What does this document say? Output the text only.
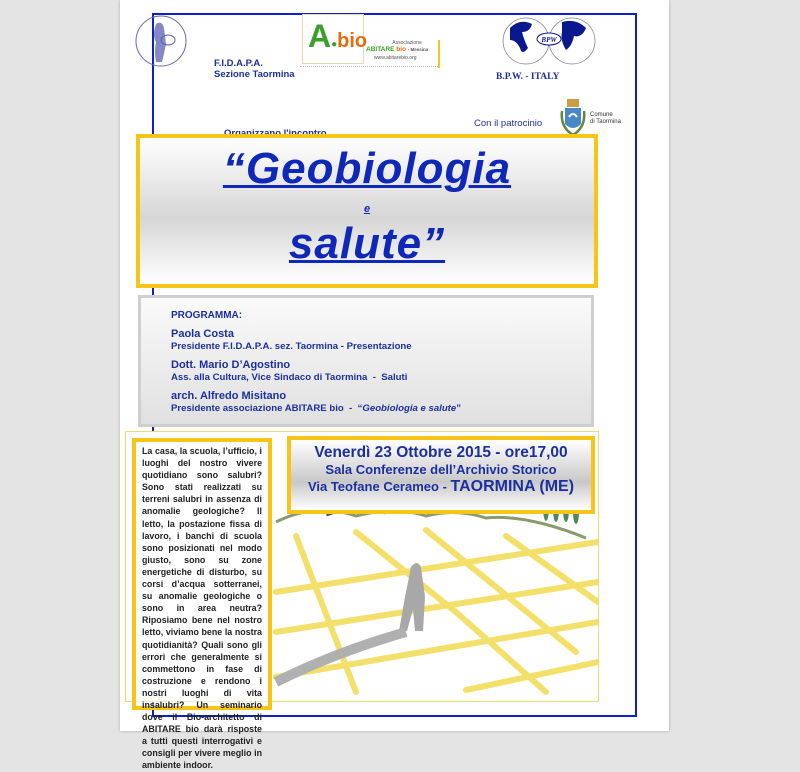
F.I.D.A.P.A.
Sezione Taormina
A●bio	Associazione
ABITARE bio - Messina
www.abitarebio.org
BPW
B.P.W. - ITALY
Con il patrocinio
Comune
di Taormina
“Geobiologia
e
salute”

PROGRAMMA:

Paola Costa

Presidente F.I.D.A.P.A. sez. Taormina - Presentazione

Dott. Mario D’Agostino

Ass. alla Cultura, Vice Sindaco di Taormina  -  Saluti

arch. Alfredo Misitano

Presidente associazione ABITARE bio  -  “Geobiologia e salute”

Venerdì 23 Ottobre 2015 - ore17,00
Sala Conferenze dell’Archivio Storico
Via Teofane Cerameo - TAORMINA (ME)

La casa, la scuola, l’ufficio, i luoghi del nostro vivere quotidiano sono salubri? Sono stati realizzati su terreni salubri in assenza di anomalie geologiche? Il letto, la postazione fissa di lavoro, i banchi di scuola sono posizionati nel modo giusto, sono su zone energetiche di disturbo, su corsi d’acqua sotterranei, su anomalie geologiche o sono in area neutra? Riposiamo bene nel nostro letto, viviamo bene la nostra quotidianità? Quali sono gli errori che generalmente si commettono in fase di costruzione e rendono i nostri luoghi di vita insalubri? Un seminario dove il Bio-architetto di ABITARE bio darà risposte a tutti questi interrogativi e consigli per vivere meglio in ambiente indoor.
